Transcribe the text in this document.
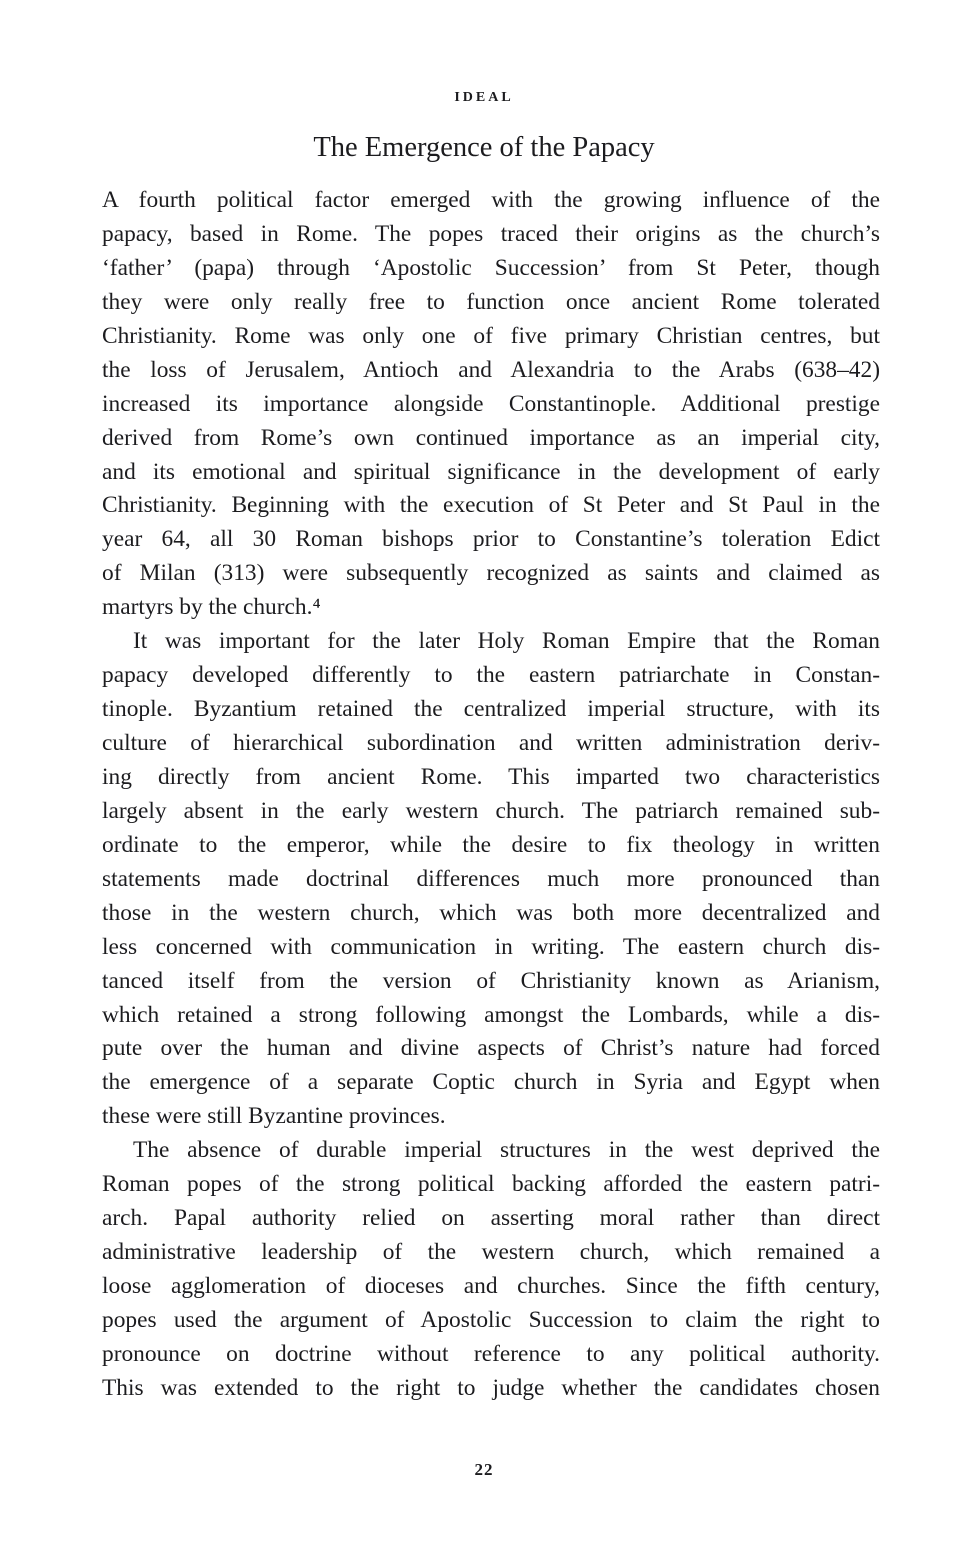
IDEAL
The Emergence of the Papacy
A fourth political factor emerged with the growing influence of the
papacy, based in Rome. The popes traced their origins as the church’s
‘father’ (papa) through ‘Apostolic Succession’ from St Peter, though
they were only really free to function once ancient Rome tolerated
Christianity. Rome was only one of five primary Christian centres, but
the loss of Jerusalem, Antioch and Alexandria to the Arabs (638–42)
increased its importance alongside Constantinople. Additional prestige
derived from Rome’s own continued importance as an imperial city,
and its emotional and spiritual significance in the development of early
Christianity. Beginning with the execution of St Peter and St Paul in the
year 64, all 30 Roman bishops prior to Constantine’s toleration Edict
of Milan (313) were subsequently recognized as saints and claimed as
martyrs by the church.⁴
It was important for the later Holy Roman Empire that the Roman
papacy developed differently to the eastern patriarchate in Constan-
tinople. Byzantium retained the centralized imperial structure, with its
culture of hierarchical subordination and written administration deriv-
ing directly from ancient Rome. This imparted two characteristics
largely absent in the early western church. The patriarch remained sub-
ordinate to the emperor, while the desire to fix theology in written
statements made doctrinal differences much more pronounced than
those in the western church, which was both more decentralized and
less concerned with communication in writing. The eastern church dis-
tanced itself from the version of Christianity known as Arianism,
which retained a strong following amongst the Lombards, while a dis-
pute over the human and divine aspects of Christ’s nature had forced
the emergence of a separate Coptic church in Syria and Egypt when
these were still Byzantine provinces.
The absence of durable imperial structures in the west deprived the
Roman popes of the strong political backing afforded the eastern patri-
arch. Papal authority relied on asserting moral rather than direct
administrative leadership of the western church, which remained a
loose agglomeration of dioceses and churches. Since the fifth century,
popes used the argument of Apostolic Succession to claim the right to
pronounce on doctrine without reference to any political authority.
This was extended to the right to judge whether the candidates chosen
22
